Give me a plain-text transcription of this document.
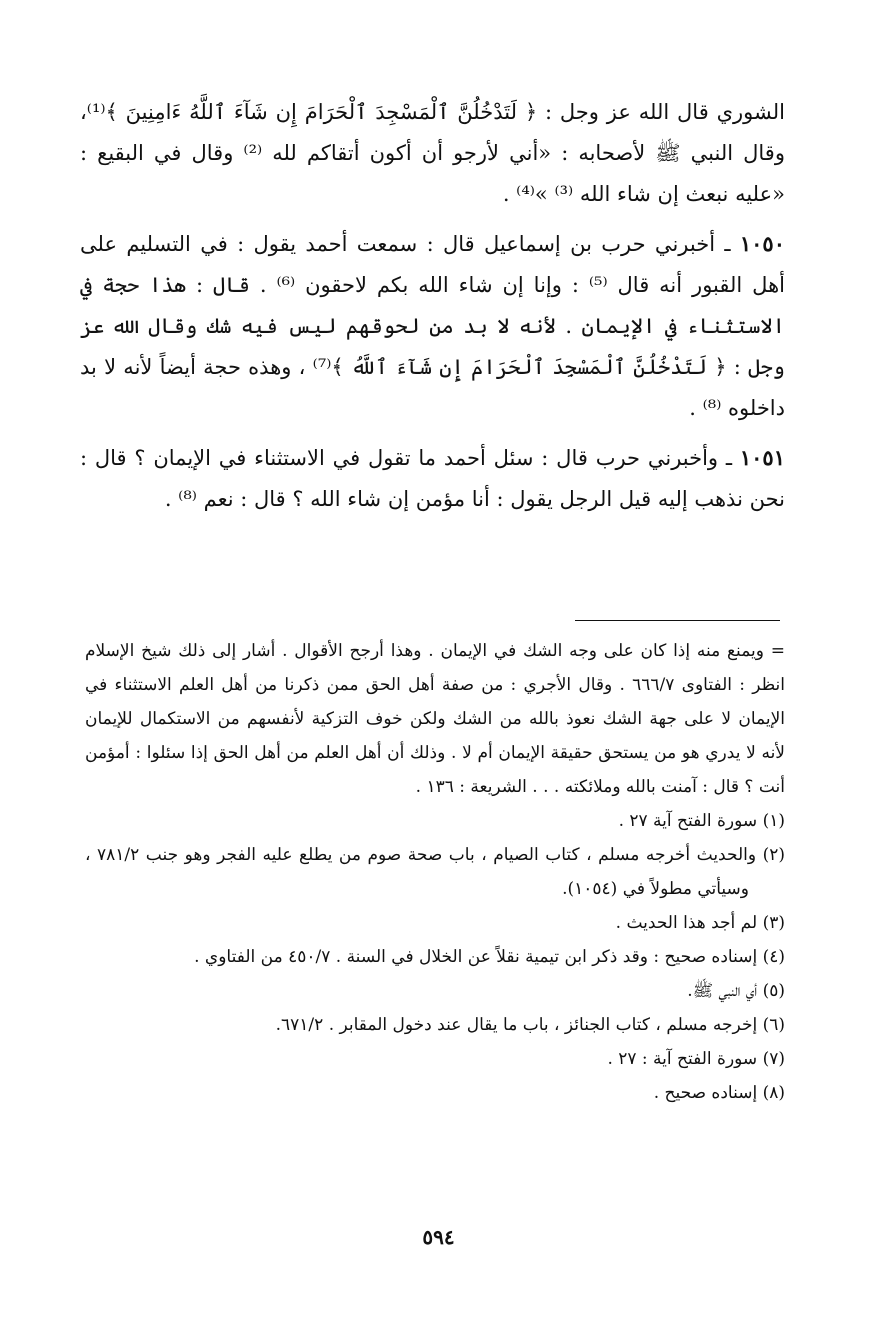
الشوري قال الله عز وجل : ﴿ لَتَدْخُلُنَّ ٱلْمَسْجِدَ ٱلْحَرَامَ إِن شَآءَ ٱللَّهُ ءَامِنِينَ ﴾⁽¹⁾، وقال النبي ﷺ لأصحابه : «أني لأرجو أن أكون أتقاكم لله ⁽²⁾ وقال في البقيع : «عليه نبعث إن شاء الله ⁽³⁾ »⁽⁴⁾ .

١٠٥٠ ـ أخبرني حرب بن إسماعيل قال : سمعت أحمد يقول : في التسليم على أهل القبور أنه قال ⁽⁵⁾ : وإنا إن شاء الله بكم لاحقون ⁽⁶⁾ . قال : هذا حجة في الاستثناء في الإيمان . لأنه لا بد من لحوقهم ليس فيه شك وقال الله عز وجل : ﴿ لَتَدْخُلُنَّ ٱلْمَسْجِدَ ٱلْحَرَامَ إِن شَآءَ ٱللَّهُ ﴾⁽⁷⁾ ، وهذه حجة أيضاً لأنه لا بد داخلوه ⁽⁸⁾ .

١٠٥١ ـ وأخبرني حرب قال : سئل أحمد ما تقول في الاستثناء في الإيمان ؟ قال : نحن نذهب إليه قيل الرجل يقول : أنا مؤمن إن شاء الله ؟ قال : نعم ⁽⁸⁾ .

= ويمنع منه إذا كان على وجه الشك في الإيمان . وهذا أرجح الأقوال . أشار إلى ذلك شيخ الإسلام انظر : الفتاوى ٦٦٦/٧ . وقال الأجري : من صفة أهل الحق ممن ذكرنا من أهل العلم الاستثناء في الإيمان لا على جهة الشك نعوذ بالله من الشك ولكن خوف التزكية لأنفسهم من الاستكمال للإيمان لأنه لا يدري هو من يستحق حقيقة الإيمان أم لا . وذلك أن أهل العلم من أهل الحق إذا سئلوا : أمؤمن أنت ؟ قال : آمنت بالله وملائكته . . . الشريعة : ١٣٦ .

(١) سورة الفتح آية ٢٧ .

(٢) والحديث أخرجه مسلم ، كتاب الصيام ، باب صحة صوم من يطلع عليه الفجر وهو جنب ٧٨١/٢ ، وسيأتي مطولاً في (١٠٥٤).

(٣) لم أجد هذا الحديث .

(٤) إسناده صحيح : وقد ذكر ابن تيمية نقلاً عن الخلال في السنة . ٤٥٠/٧ من الفتاوي .

(٥) أي النبي ﷺ.

(٦) إخرجه مسلم ، كتاب الجنائز ، باب ما يقال عند دخول المقابر . ٦٧١/٢.

(٧) سورة الفتح آية : ٢٧ .

(٨) إسناده صحيح .

٥٩٤
